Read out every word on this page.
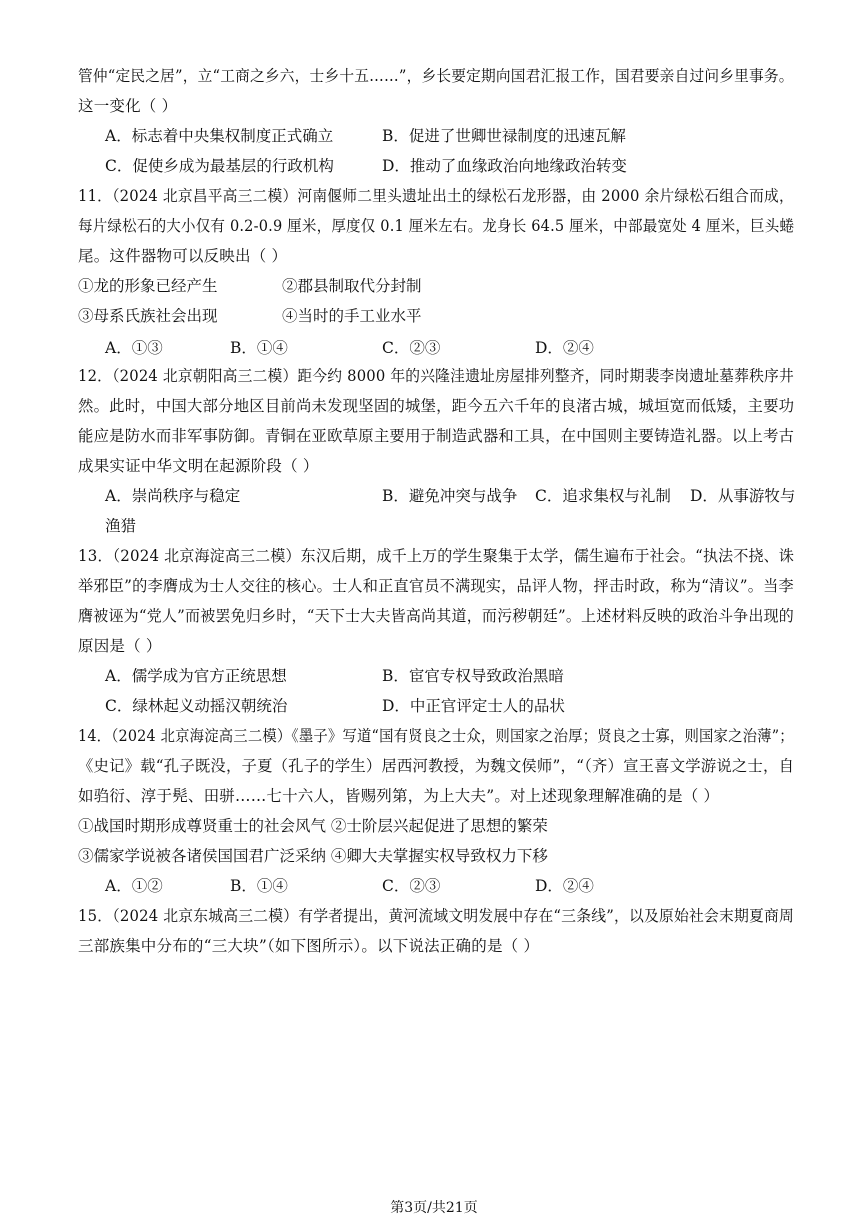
管仲“定民之居”，立“工商之乡六，士乡十五……”，乡长要定期向国君汇报工作，国君要亲自过问乡里事务。
这一变化（ ）
A．标志着中央集权制度正式确立	B．促进了世卿世禄制度的迅速瓦解
C．促使乡成为最基层的行政机构	D．推动了血缘政治向地缘政治转变
11．（2024 北京昌平高三二模）河南偃师二里头遗址出土的绿松石龙形器，由 2000 余片绿松石组合而成，
每片绿松石的大小仅有 0.2-0.9 厘米，厚度仅 0.1 厘米左右。龙身长 64.5 厘米，中部最宽处 4 厘米，巨头蜷
尾。这件器物可以反映出（ ）
①龙的形象已经产生	②郡县制取代分封制
③母系氏族社会出现	④当时的手工业水平
A．①③	B．①④	C．②③	D．②④
12．（2024 北京朝阳高三二模）距今约 8000 年的兴隆洼遗址房屋排列整齐，同时期裴李岗遗址墓葬秩序井
然。此时，中国大部分地区目前尚未发现坚固的城堡，距今五六千年的良渚古城，城垣宽而低矮，主要功
能应是防水而非军事防御。青铜在亚欧草原主要用于制造武器和工具，在中国则主要铸造礼器。以上考古
成果实证中华文明在起源阶段（ ）
A．崇尚秩序与稳定	B．避免冲突与战争 C．追求集权与礼制 D．从事游牧与
渔猎
13．（2024 北京海淀高三二模）东汉后期，成千上万的学生聚集于太学，儒生遍布于社会。“执法不挠、诛
举邪臣”的李膺成为士人交往的核心。士人和正直官员不满现实，品评人物，抨击时政，称为“清议”。当李
膺被诬为“党人”而被罢免归乡时，“天下士大夫皆高尚其道，而污秽朝廷”。上述材料反映的政治斗争出现的
原因是（ ）
A．儒学成为官方正统思想	B．宦官专权导致政治黑暗
C．绿林起义动摇汉朝统治	D．中正官评定士人的品状
14．（2024 北京海淀高三二模）《墨子》写道“国有贤良之士众，则国家之治厚；贤良之士寡，则国家之治薄”；
《史记》载“孔子既没，子夏（孔子的学生）居西河教授，为魏文侯师”，“（齐）宣王喜文学游说之士，自
如驺衍、淳于髡、田骈……七十六人，皆赐列第，为上大夫”。对上述现象理解准确的是（ ）
①战国时期形成尊贤重士的社会风气 ②士阶层兴起促进了思想的繁荣
③儒家学说被各诸侯国国君广泛采纳 ④卿大夫掌握实权导致权力下移
A．①②	B．①④	C．②③	D．②④
15．（2024 北京东城高三二模）有学者提出，黄河流域文明发展中存在“三条线”，以及原始社会末期夏商周
三部族集中分布的“三大块”（如下图所示）。以下说法正确的是（ ）
第3页/共21页
